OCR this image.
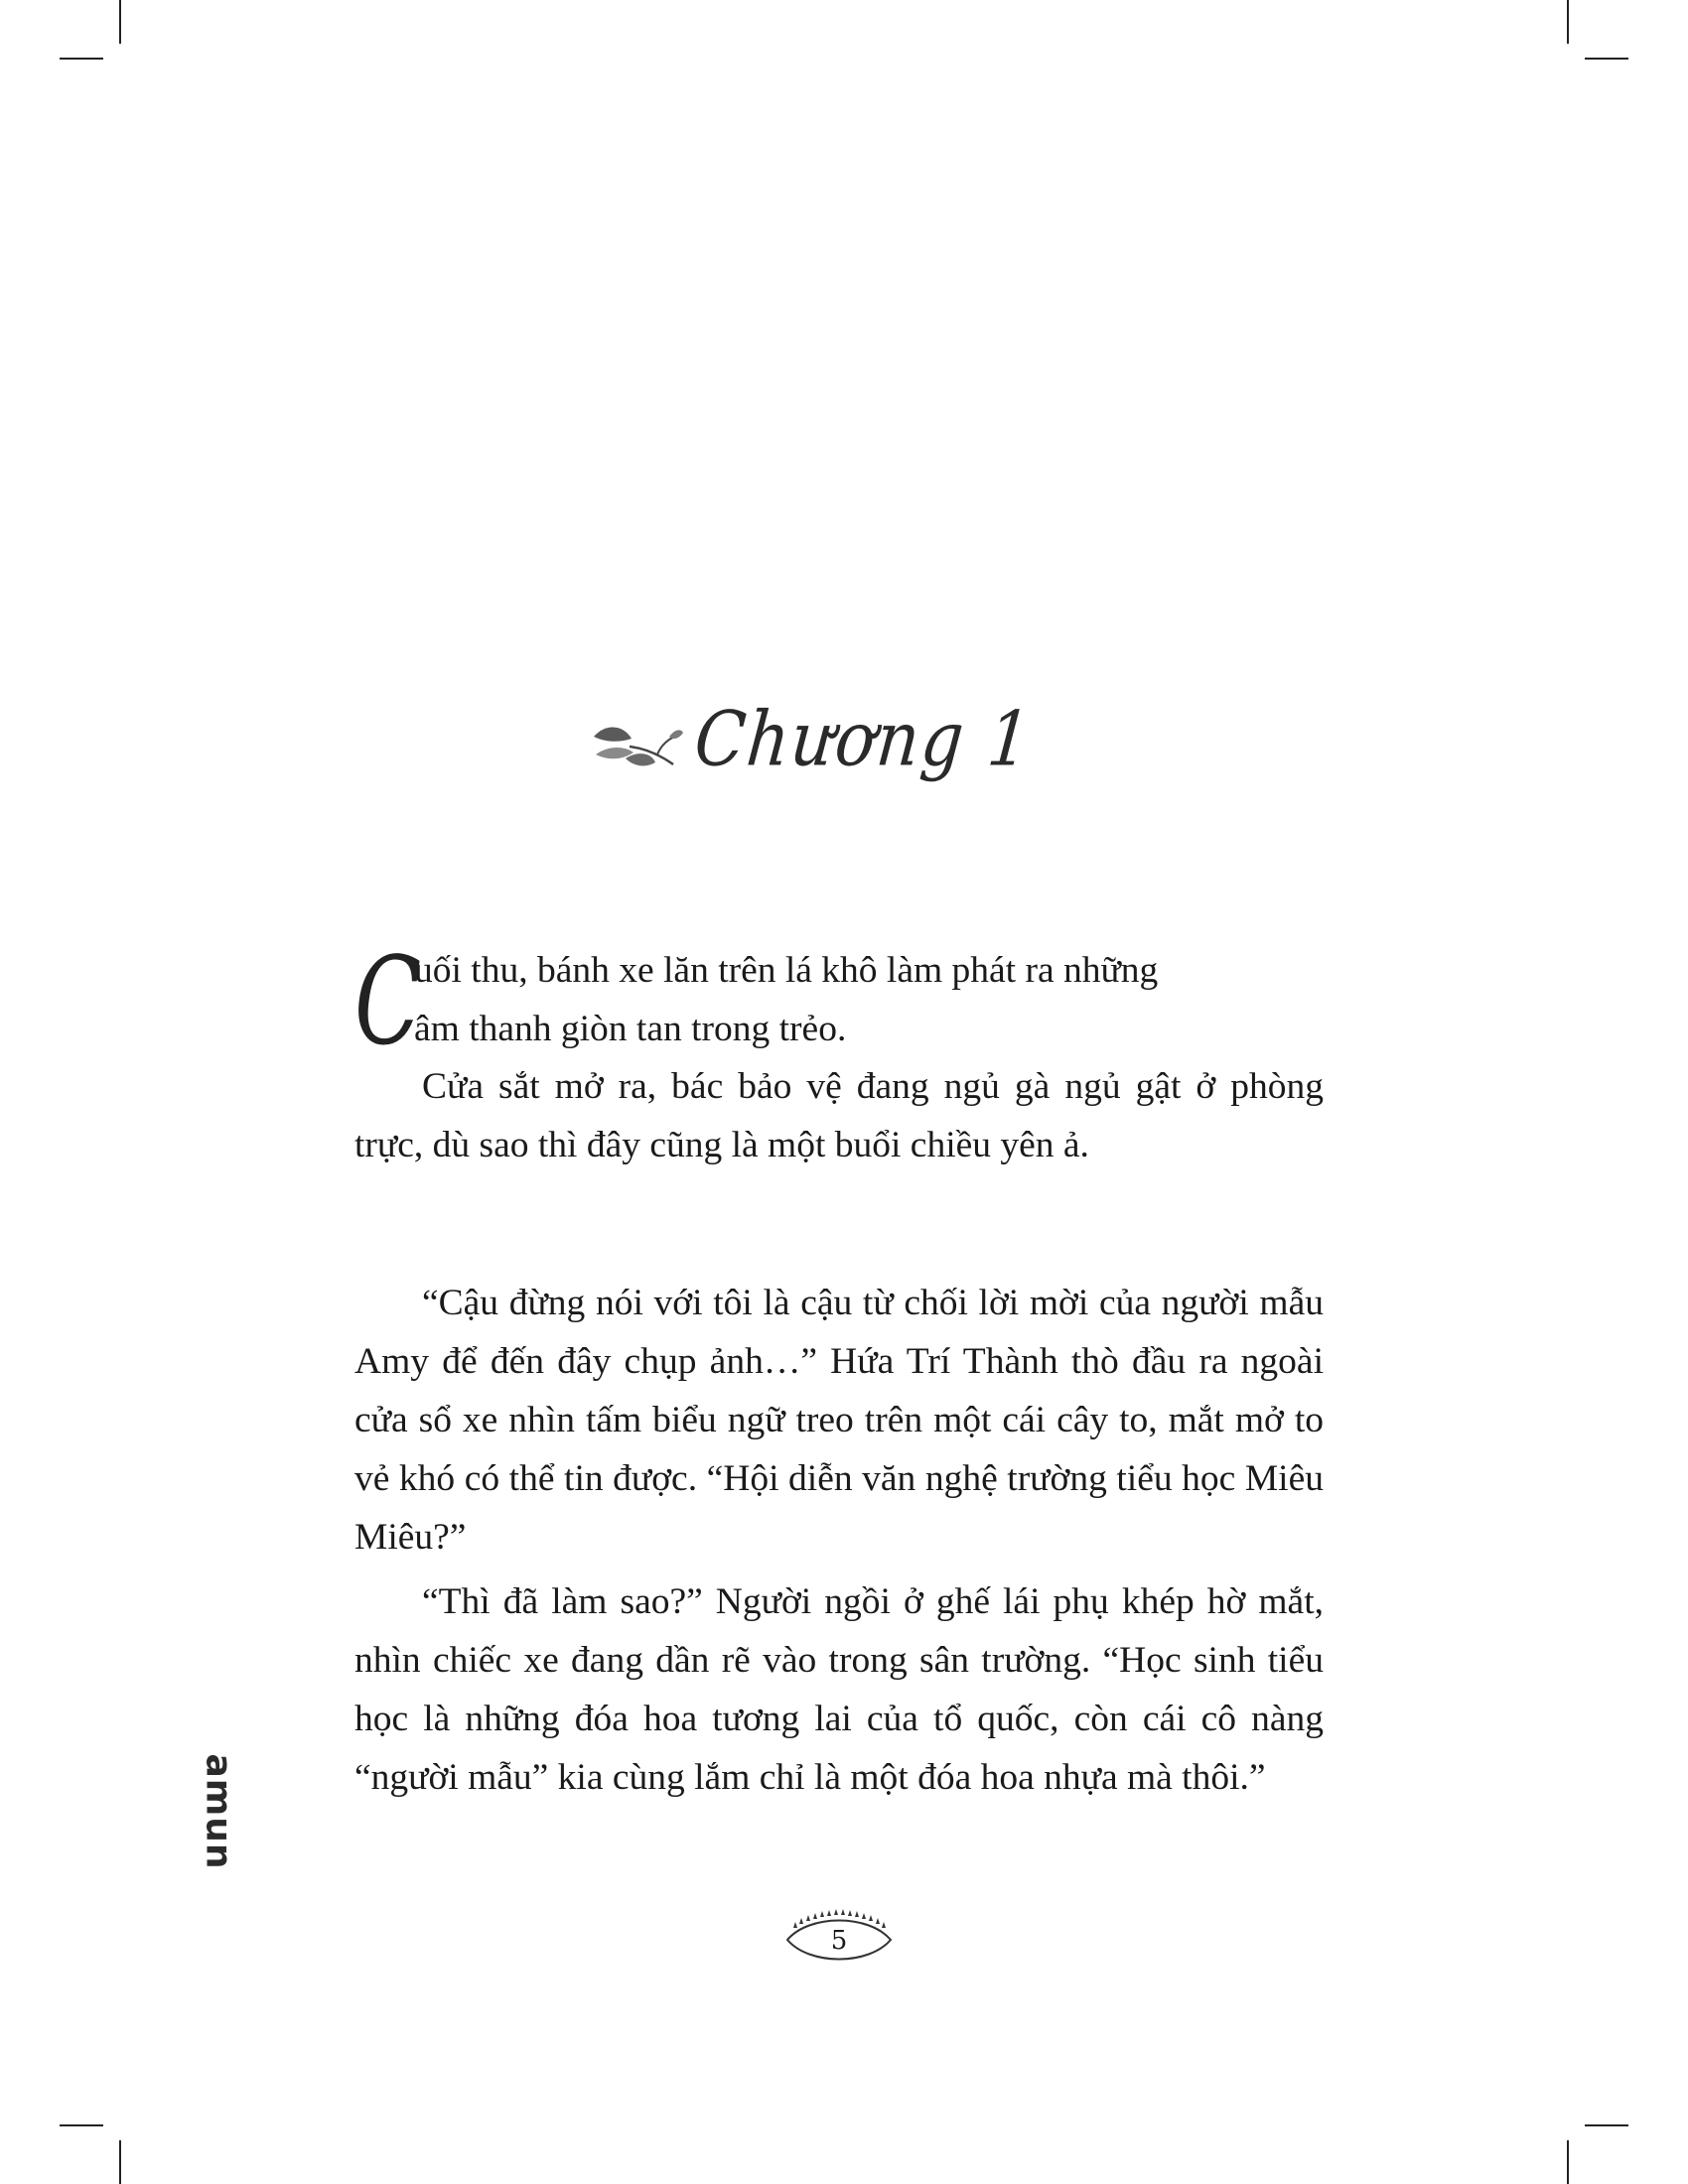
Chương 1
C
uối thu, bánh xe lăn trên lá khô làm phát ra những
âm thanh giòn tan trong trẻo.

Cửa sắt mở ra, bác bảo vệ đang ngủ gà ngủ gật ở phòng trực, dù sao thì đây cũng là một buổi chiều yên ả.

“Cậu đừng nói với tôi là cậu từ chối lời mời của người mẫu Amy để đến đây chụp ảnh…” Hứa Trí Thành thò đầu ra ngoài cửa sổ xe nhìn tấm biểu ngữ treo trên một cái cây to, mắt mở to vẻ khó có thể tin được. “Hội diễn văn nghệ trường tiểu học Miêu Miêu?”

“Thì đã làm sao?” Người ngồi ở ghế lái phụ khép hờ mắt, nhìn chiếc xe đang dần rẽ vào trong sân trường. “Học sinh tiểu học là những đóa hoa tương lai của tổ quốc, còn cái cô nàng “người mẫu” kia cùng lắm chỉ là một đóa hoa nhựa mà thôi.”

amun
5
